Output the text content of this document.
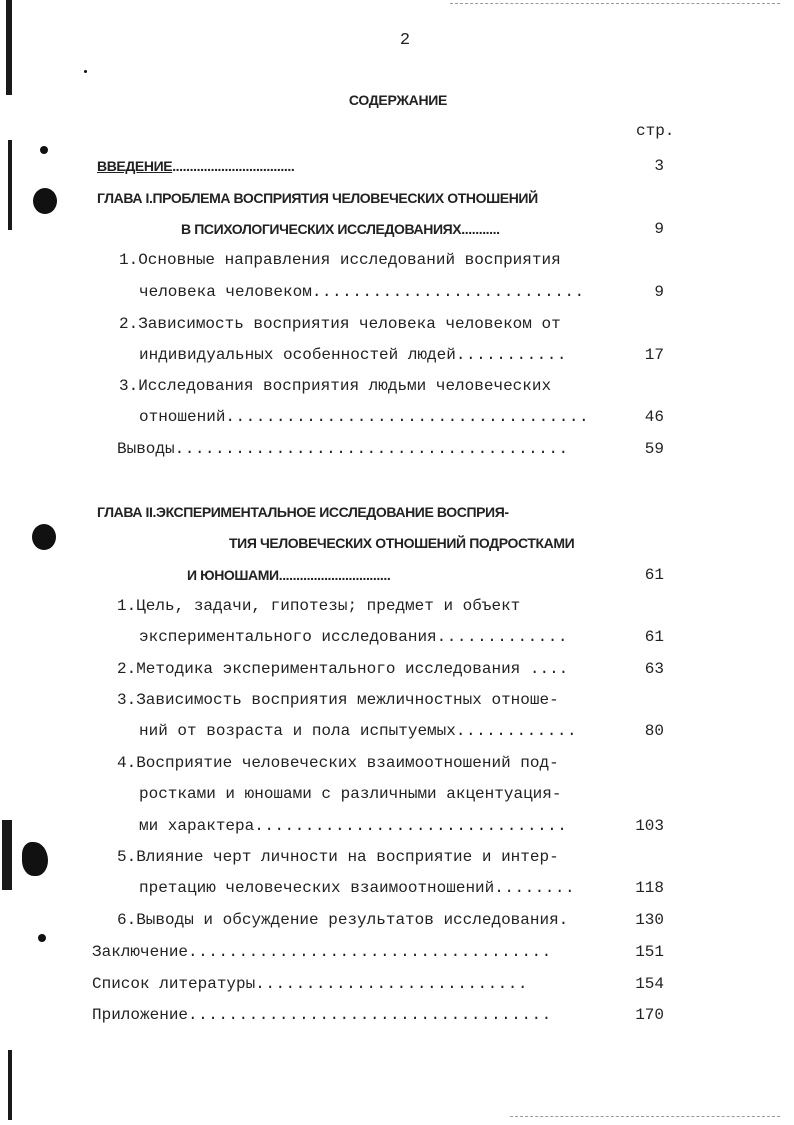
2
СОДЕРЖАНИЕ
стр.
ВВЕДЕНИЕ...................................	3
ГЛАВА I.ПРОБЛЕМА ВОСПРИЯТИЯ ЧЕЛОВЕЧЕСКИХ ОТНОШЕНИЙ
В ПСИХОЛОГИЧЕСКИХ ИССЛЕДОВАНИЯХ...........	9
1.Основные направления исследований восприятия
человека человеком...........................	9
2.Зависимость восприятия человека человеком от
индивидуальных особенностей людей...........	17
3.Исследования восприятия людьми человеческих
отношений....................................	46
Выводы.......................................	59
ГЛАВА II.ЭКСПЕРИМЕНТАЛЬНОЕ ИССЛЕДОВАНИЕ ВОСПРИЯ-
ТИЯ ЧЕЛОВЕЧЕСКИХ ОТНОШЕНИЙ ПОДРОСТКАМИ
И ЮНОШАМИ................................	61
1.Цель, задачи, гипотезы; предмет и объект
экспериментального исследования.............	61
2.Методика экспериментального исследования ....	63
3.Зависимость восприятия межличностных отноше-
ний от возраста и пола испытуемых............	80
4.Восприятие человеческих взаимоотношений под-
ростками и юношами с различными акцентуация-
ми характера...............................	103
5.Влияние черт личности на восприятие и интер-
претацию человеческих взаимоотношений........	118
6.Выводы и обсуждение результатов исследования.	130
Заключение....................................	151
Список литературы...........................	154
Приложение....................................	170
